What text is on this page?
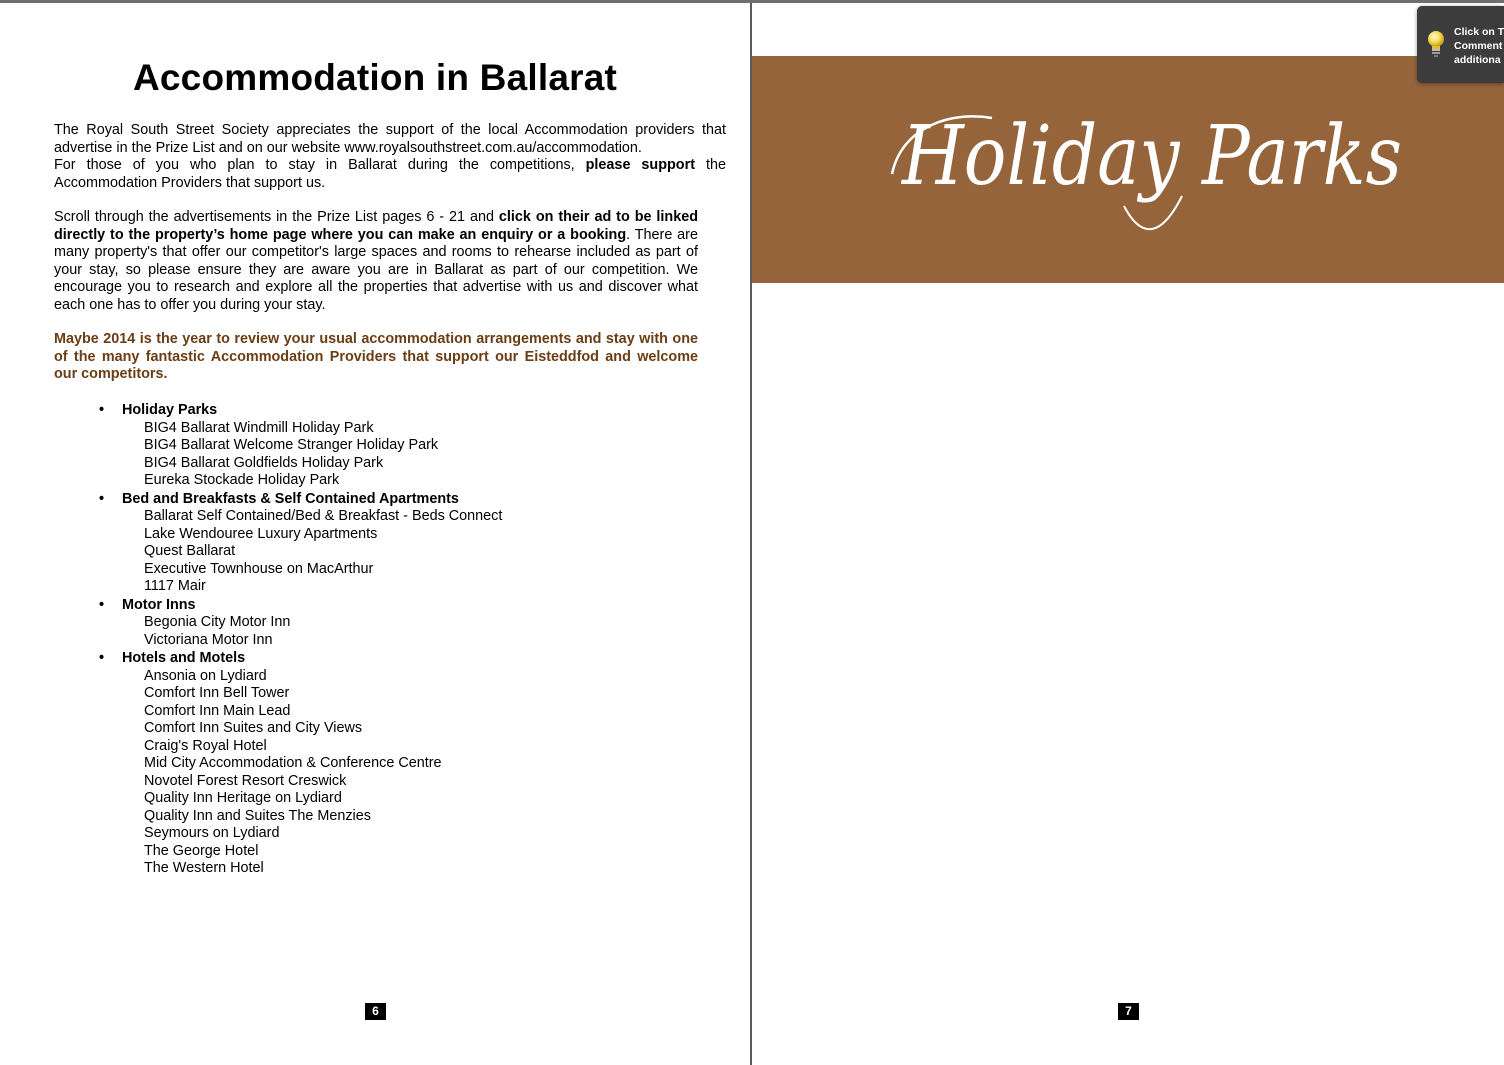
Accommodation in Ballarat

The Royal South Street Society appreciates the support of the local Accommodation providers that advertise in the Prize List and on our website www.royalsouthstreet.com.au/accommodation.
For those of you who plan to stay in Ballarat during the competitions, please support the Accommodation Providers that support us.

Scroll through the advertisements in the Prize List pages 6 - 21 and click on their ad to be linked directly to the property’s home page where you can make an enquiry or a booking. There are many property's that offer our competitor's large spaces and rooms to rehearse included as part of your stay, so please ensure they are aware you are in Ballarat as part of our competition. We encourage you to research and explore all the properties that advertise with us and discover what each one has to offer you during your stay.

Maybe 2014 is the year to review your usual accommodation arrangements and stay with one of the many fantastic Accommodation Providers that support our Eisteddfod and welcome our competitors.

• Holiday Parks
BIG4 Ballarat Windmill Holiday Park
BIG4 Ballarat Welcome Stranger Holiday Park
BIG4 Ballarat Goldfields Holiday Park
Eureka Stockade Holiday Park
• Bed and Breakfasts & Self Contained Apartments
Ballarat Self Contained/Bed & Breakfast - Beds Connect
Lake Wendouree Luxury Apartments
Quest Ballarat
Executive Townhouse on MacArthur
1117 Mair
• Motor Inns
Begonia City Motor Inn
Victoriana Motor Inn
• Hotels and Motels
Ansonia on Lydiard
Comfort Inn Bell Tower
Comfort Inn Main Lead
Comfort Inn Suites and City Views
Craig's Royal Hotel
Mid City Accommodation & Conference Centre
Novotel Forest Resort Creswick
Quality Inn Heritage on Lydiard
Quality Inn and Suites The Menzies
Seymours on Lydiard
The George Hotel
The Western Hotel
6
Holiday Parks
7
Click on T
Comment
additiona
